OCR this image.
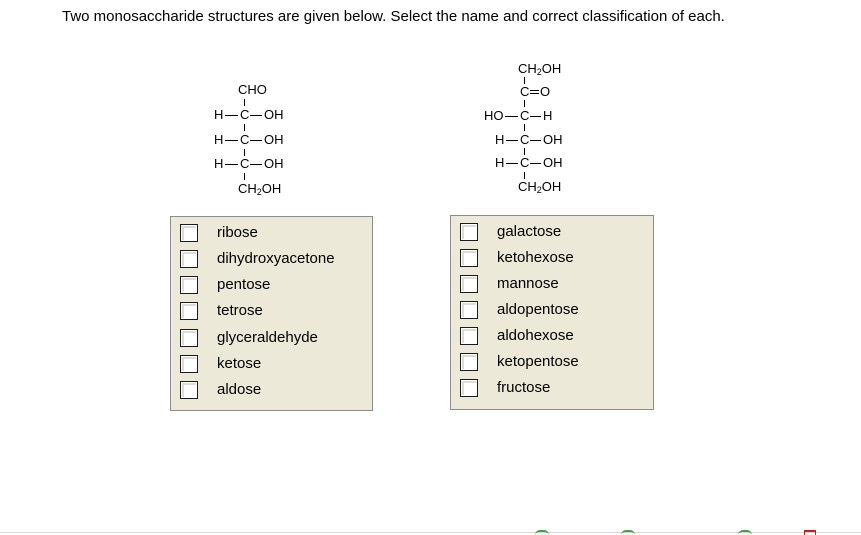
Two monosaccharide structures are given below. Select the name and correct classification of each.
CHO
H C OH
H C OH
H C OH
$CH_2OH$
$CH_2OH$
C O
HO C H
H C OH
H C OH
$CH_2OH$
ribose
dihydroxyacetone
pentose
tetrose
glyceraldehyde
ketose
aldose
galactose
ketohexose
mannose
aldopentose
aldohexose
ketopentose
fructose
